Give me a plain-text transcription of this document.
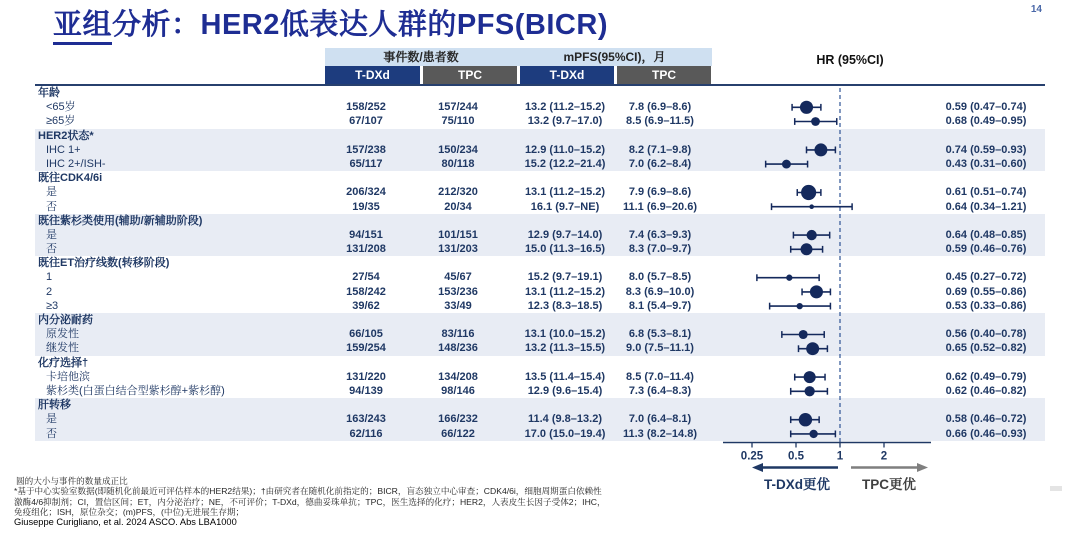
14
亚组分析：HER2低表达人群的PFS(BICR)
事件数/患者数	mPFS(95%CI)，月
T-DXd	TPC	T-DXd	TPC
HR (95%CI)
年龄
<65岁	158/252	157/244	13.2 (11.2–15.2)	7.8 (6.9–8.6)	0.59 (0.47–0.74)
≥65岁	67/107	75/110	13.2 (9.7–17.0)	8.5 (6.9–11.5)	0.68 (0.49–0.95)
HER2状态*
IHC 1+	157/238	150/234	12.9 (11.0–15.2)	8.2 (7.1–9.8)	0.74 (0.59–0.93)
IHC 2+/ISH-	65/117	80/118	15.2 (12.2–21.4)	7.0 (6.2–8.4)	0.43 (0.31–0.60)
既往CDK4/6i
是	206/324	212/320	13.1 (11.2–15.2)	7.9 (6.9–8.6)	0.61 (0.51–0.74)
否	19/35	20/34	16.1 (9.7–NE)	11.1 (6.9–20.6)	0.64 (0.34–1.21)
既往紫杉类使用(辅助/新辅助阶段)
是	94/151	101/151	12.9 (9.7–14.0)	7.4 (6.3–9.3)	0.64 (0.48–0.85)
否	131/208	131/203	15.0 (11.3–16.5)	8.3 (7.0–9.7)	0.59 (0.46–0.76)
既往ET治疗线数(转移阶段)
1	27/54	45/67	15.2 (9.7–19.1)	8.0 (5.7–8.5)	0.45 (0.27–0.72)
2	158/242	153/236	13.1 (11.2–15.2)	8.3 (6.9–10.0)	0.69 (0.55–0.86)
≥3	39/62	33/49	12.3 (8.3–18.5)	8.1 (5.4–9.7)	0.53 (0.33–0.86)
内分泌耐药
原发性	66/105	83/116	13.1 (10.0–15.2)	6.8 (5.3–8.1)	0.56 (0.40–0.78)
继发性	159/254	148/236	13.2 (11.3–15.5)	9.0 (7.5–11.1)	0.65 (0.52–0.82)
化疗选择†
卡培他滨	131/220	134/208	13.5 (11.4–15.4)	8.5 (7.0–11.4)	0.62 (0.49–0.79)
紫杉类(白蛋白结合型紫杉醇+紫杉醇)	94/139	98/146	12.9 (9.6–15.4)	7.3 (6.4–8.3)	0.62 (0.46–0.82)
肝转移
是	163/243	166/232	11.4 (9.8–13.2)	7.0 (6.4–8.1)	0.58 (0.46–0.72)
否	62/116	66/122	17.0 (15.0–19.4)	11.3 (8.2–14.8)	0.66 (0.46–0.93)
0.25 0.5	1	2
T-DXd更优	TPC更优
圆的大小与事件的数量成正比
*基于中心实验室数据(即随机化前最近可评估样本的HER2结果)；†由研究者在随机化前指定的；BICR，盲态独立中心审查；CDK4/6i，细胞周期蛋白依赖性
激酶4/6抑制剂；CI，置信区间；ET，内分泌治疗；NE，不可评价；T-DXd，德曲妥珠单抗；TPC，医生选择的化疗；HER2，人表皮生长因子受体2；IHC，
免疫组化；ISH，原位杂交；(m)PFS，(中位)无进展生存期；
Giuseppe Curigliano, et al. 2024 ASCO. Abs LBA1000
